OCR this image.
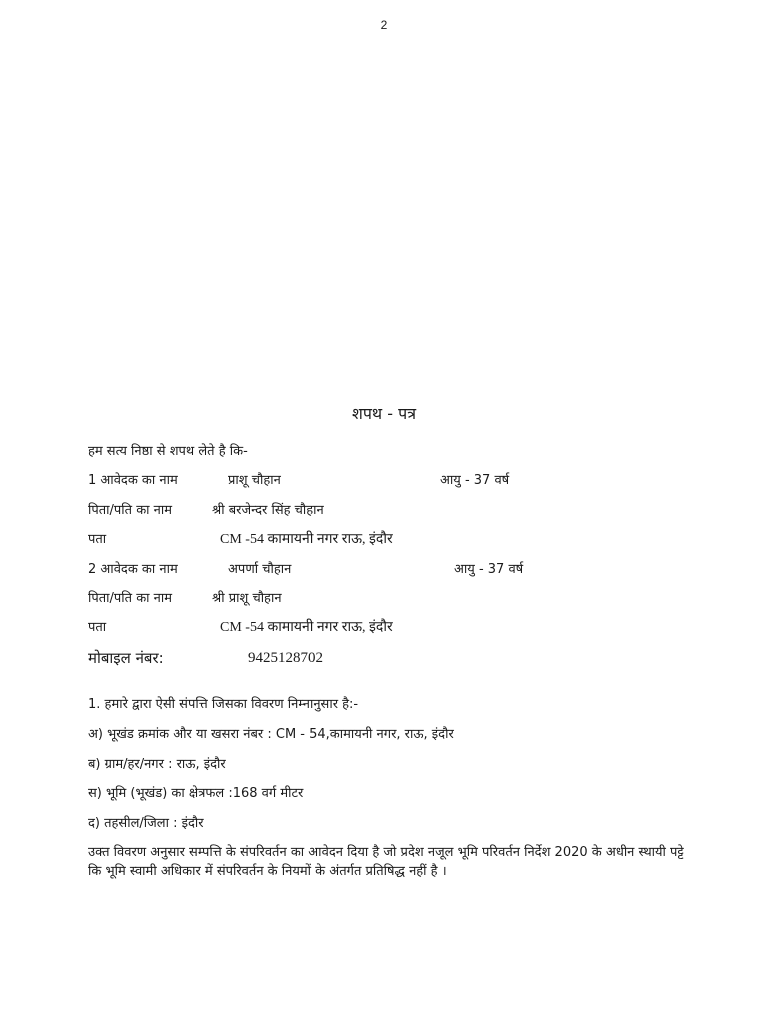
2
शपथ - पत्र
हम सत्य निष्ठा से शपथ लेते है कि-
1 आवेदक का नाम	प्राशू चौहान	आयु - 37 वर्ष
पिता/पति का नाम	श्री बरजेन्दर सिंह चौहान
पता	CM -54 कामायनी नगर राऊ, इंदौर
2 आवेदक का नाम	अपर्णा चौहान	आयु - 37 वर्ष
पिता/पति का नाम	श्री प्राशू चौहान
पता	CM -54 कामायनी नगर राऊ, इंदौर
मोबाइल नंबर:	9425128702
1. हमारे द्वारा ऐसी संपत्ति जिसका विवरण निम्नानुसार है:-
अ) भूखंड क्रमांक और या खसरा नंबर : CM - 54,कामायनी नगर, राऊ, इंदौर
ब) ग्राम/हर/नगर : राऊ, इंदौर
स) भूमि (भूखंड) का क्षेत्रफल :168 वर्ग मीटर
द) तहसील/जिला : इंदौर
उक्त विवरण अनुसार सम्पत्ति के संपरिवर्तन का आवेदन दिया है जो प्रदेश नजूल भूमि परिवर्तन निर्देश 2020 के अधीन स्थायी पट्टे कि भूमि स्वामी अधिकार में संपरिवर्तन के नियमों के अंतर्गत प्रतिषिद्ध नहीं है ।
